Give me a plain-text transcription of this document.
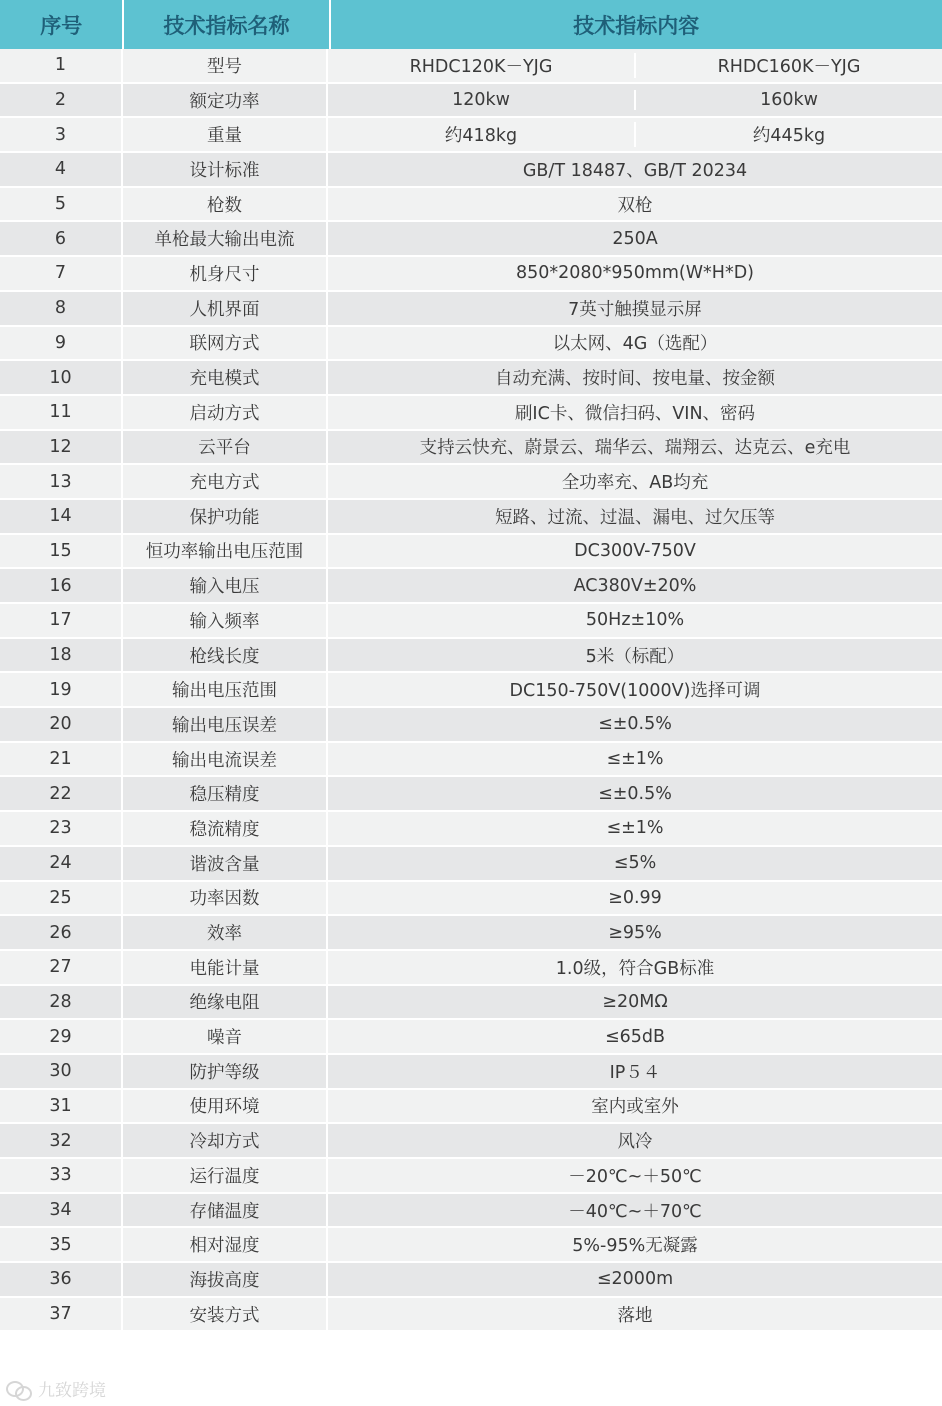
序号	技术指标名称	技术指标内容
1	型号	RHDC120K－YJG	RHDC160K－YJG
2	额定功率	120kw	160kw
3	重量	约418kg	约445kg
4	设计标准	GB/T 18487、GB/T 20234
5	枪数	双枪
6	单枪最大输出电流	250A
7	机身尺寸	850*2080*950mm(W*H*D)
8	人机界面	7英寸触摸显示屏
9	联网方式	以太网、4G（选配）
10	充电模式	自动充满、按时间、按电量、按金额
11	启动方式	刷IC卡、微信扫码、VIN、密码
12	云平台	支持云快充、蔚景云、瑞华云、瑞翔云、达克云、e充电
13	充电方式	全功率充、AB均充
14	保护功能	短路、过流、过温、漏电、过欠压等
15	恒功率输出电压范围	DC300V-750V
16	输入电压	AC380V±20%
17	输入频率	50Hz±10%
18	枪线长度	5米（标配）
19	输出电压范围	DC150-750V(1000V)选择可调
20	输出电压误差	≤±0.5%
21	输出电流误差	≤±1%
22	稳压精度	≤±0.5%
23	稳流精度	≤±1%
24	谐波含量	≤5%
25	功率因数	≥0.99
26	效率	≥95%
27	电能计量	1.0级，符合GB标准
28	绝缘电阻	≥20MΩ
29	噪音	≤65dB
30	防护等级	IP５４
31	使用环境	室内或室外
32	冷却方式	风冷
33	运行温度	－20℃~＋50℃
34	存储温度	－40℃~＋70℃
35	相对湿度	5%-95%无凝露
36	海拔高度	≤2000m
37	安装方式	落地
九致跨境
